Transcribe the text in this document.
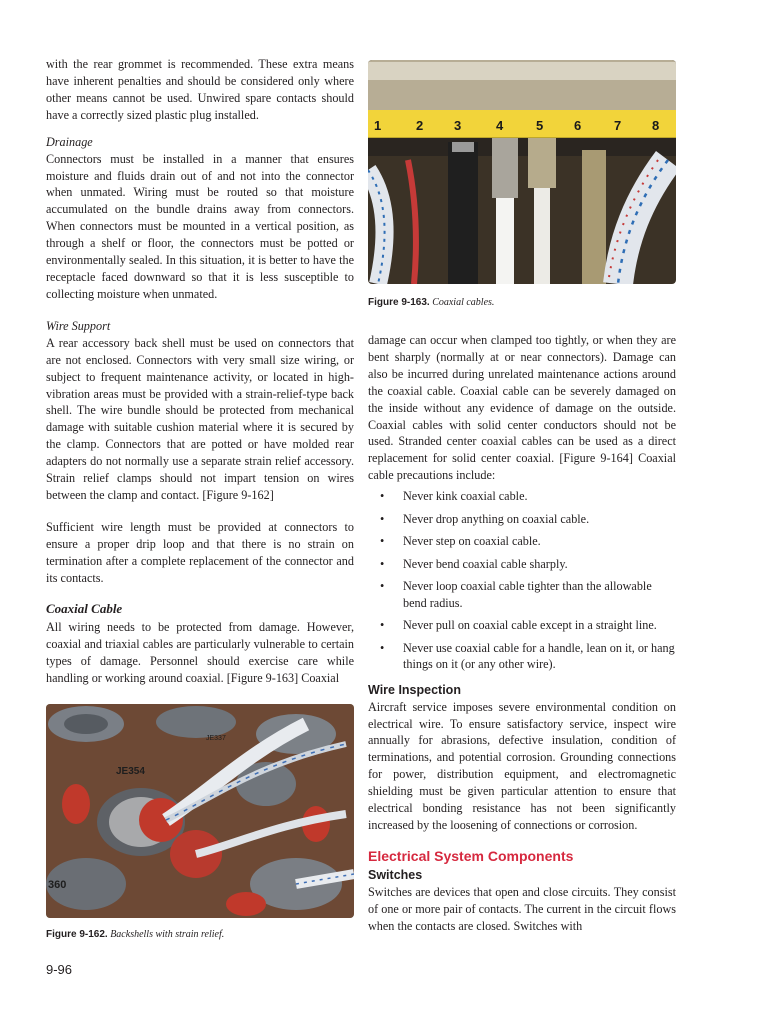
with the rear grommet is recommended. These extra means have inherent penalties and should be considered only where other means cannot be used. Unwired spare contacts should have a correctly sized plastic plug installed.

Drainage

Connectors must be installed in a manner that ensures moisture and fluids drain out of and not into the connector when unmated. Wiring must be routed so that moisture accumulated on the bundle drains away from connectors. When connectors must be mounted in a vertical position, as through a shelf or floor, the connectors must be potted or environmentally sealed. In this situation, it is better to have the receptacle faced downward so that it is less susceptible to collecting moisture when unmated.

Wire Support

A rear accessory back shell must be used on connectors that are not enclosed. Connectors with very small size wiring, or subject to frequent maintenance activity, or located in high-vibration areas must be provided with a strain-relief-type back shell. The wire bundle should be protected from mechanical damage with suitable cushion material where it is secured by the clamp. Connectors that are potted or have molded rear adapters do not normally use a separate strain relief accessory. Strain relief clamps should not impart tension on wires between the clamp and contact. [Figure 9-162]

Sufficient wire length must be provided at connectors to ensure a proper drip loop and that there is no strain on termination after a complete replacement of the connector and its contacts.

Coaxial Cable

All wiring needs to be protected from damage. However, coaxial and triaxial cables are particularly vulnerable to certain types of damage. Personnel should exercise care while handling or working around coaxial. [Figure 9-163] Coaxial

JE354
360
JE337
Figure 9-162. Backshells with strain relief.
1	2 3	4	5 6	7 8
Figure 9-163. Coaxial cables.

damage can occur when clamped too tightly, or when they are bent sharply (normally at or near connectors). Damage can also be incurred during unrelated maintenance actions around the coaxial cable. Coaxial cable can be severely damaged on the inside without any evidence of damage on the outside. Coaxial cables with solid center conductors should not be used. Stranded center coaxial cables can be used as a direct replacement for solid center coaxial. [Figure 9-164] Coaxial cable precautions include:

• Never kink coaxial cable.
• Never drop anything on coaxial cable.
• Never step on coaxial cable.
• Never bend coaxial cable sharply.
• Never loop coaxial cable tighter than the allowable bend radius.
• Never pull on coaxial cable except in a straight line.
• Never use coaxial cable for a handle, lean on it, or hang things on it (or any other wire).
Wire Inspection

Aircraft service imposes severe environmental condition on electrical wire. To ensure satisfactory service, inspect wire annually for abrasions, defective insulation, condition of terminations, and potential corrosion. Grounding connections for power, distribution equipment, and electromagnetic shielding must be given particular attention to ensure that electrical bonding resistance has not been significantly increased by the loosening of connections or corrosion.

Electrical System Components
Switches

Switches are devices that open and close circuits. They consist of one or more pair of contacts. The current in the circuit flows when the contacts are closed. Switches with

9-96
